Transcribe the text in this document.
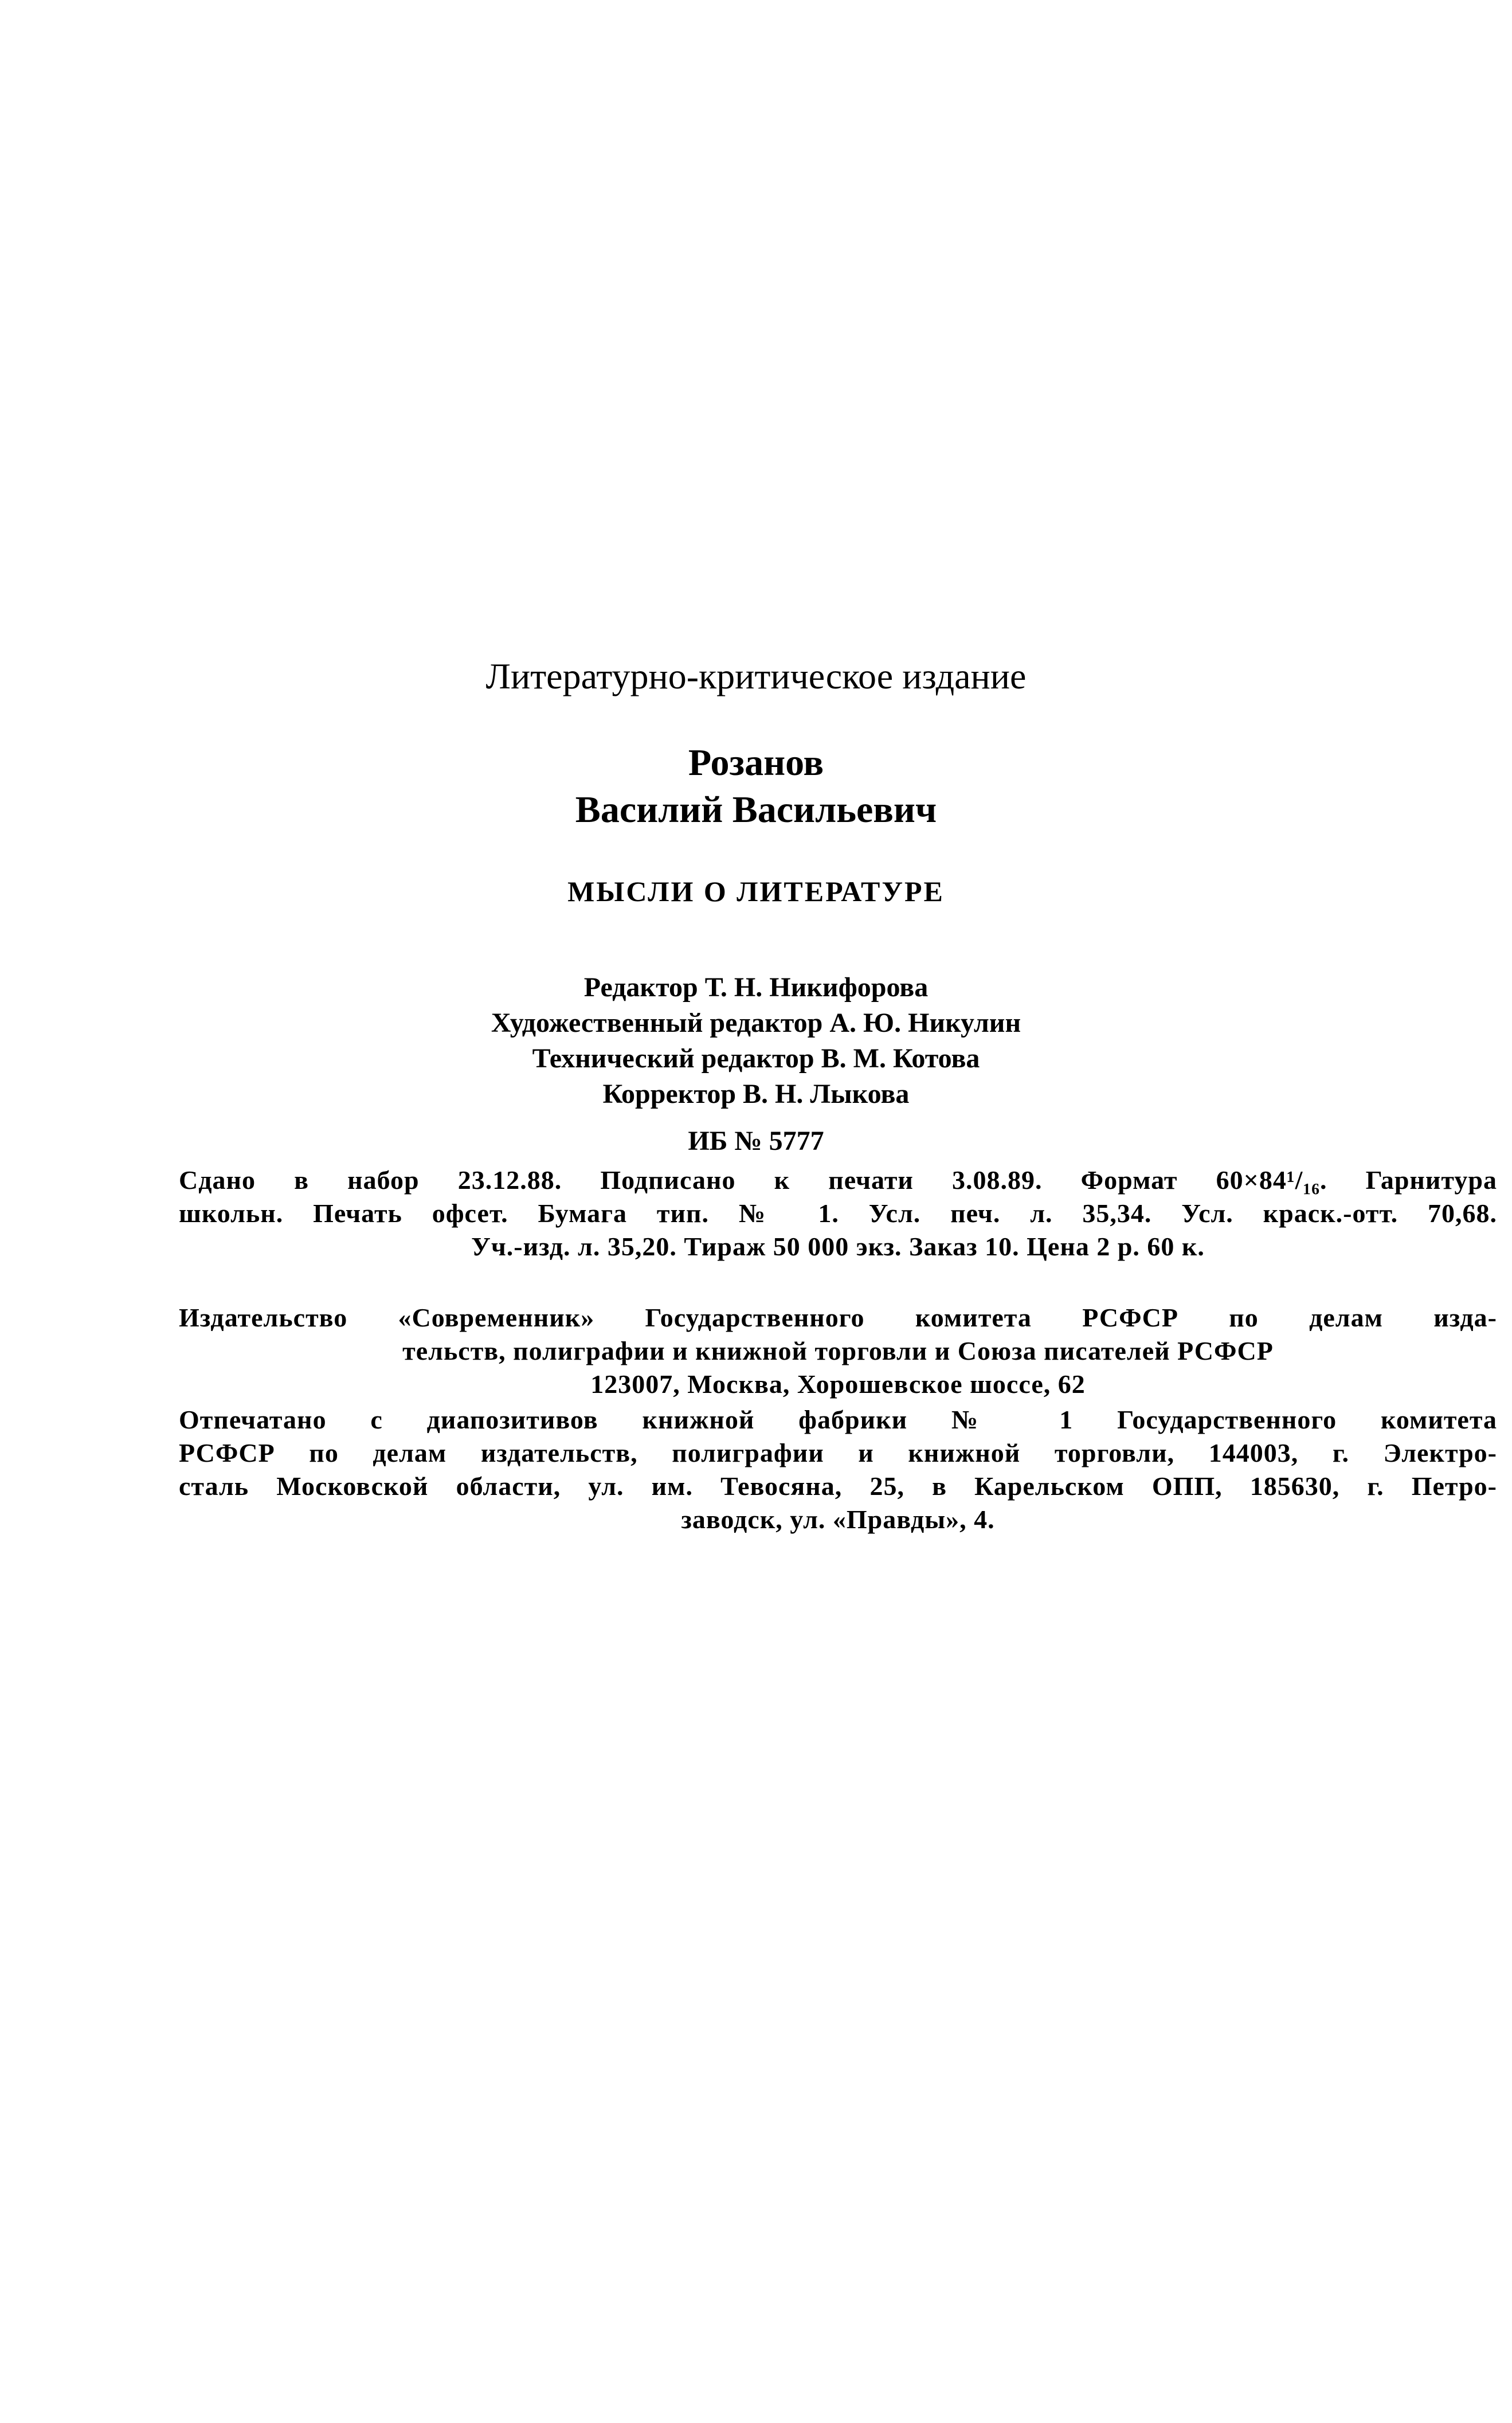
Литературно-критическое издание
Розанов
Василий Васильевич
МЫСЛИ О ЛИТЕРАТУРЕ
Редактор Т. Н. Никифорова
Художественный редактор А. Ю. Никулин
Технический редактор В. М. Котова
Корректор В. Н. Лыкова
ИБ № 5777
Сдано в набор 23.12.88. Подписано к печати 3.08.89. Формат 60×84¹/₁₆. Гарнитура
школьн. Печать офсет. Бумага тип. № 1. Усл. печ. л. 35,34. Усл. краск.-отт. 70,68.
Уч.-изд. л. 35,20. Тираж 50 000 экз. Заказ 10. Цена 2 р. 60 к.
Издательство «Современник» Государственного комитета РСФСР по делам изда-
тельств, полиграфии и книжной торговли и Союза писателей РСФСР
123007, Москва, Хорошевское шоссе, 62
Отпечатано с диапозитивов книжной фабрики № 1 Государственного комитета
РСФСР по делам издательств, полиграфии и книжной торговли, 144003, г. Электро-
сталь Московской области, ул. им. Тевосяна, 25, в Карельском ОПП, 185630, г. Петро-
заводск, ул. «Правды», 4.
